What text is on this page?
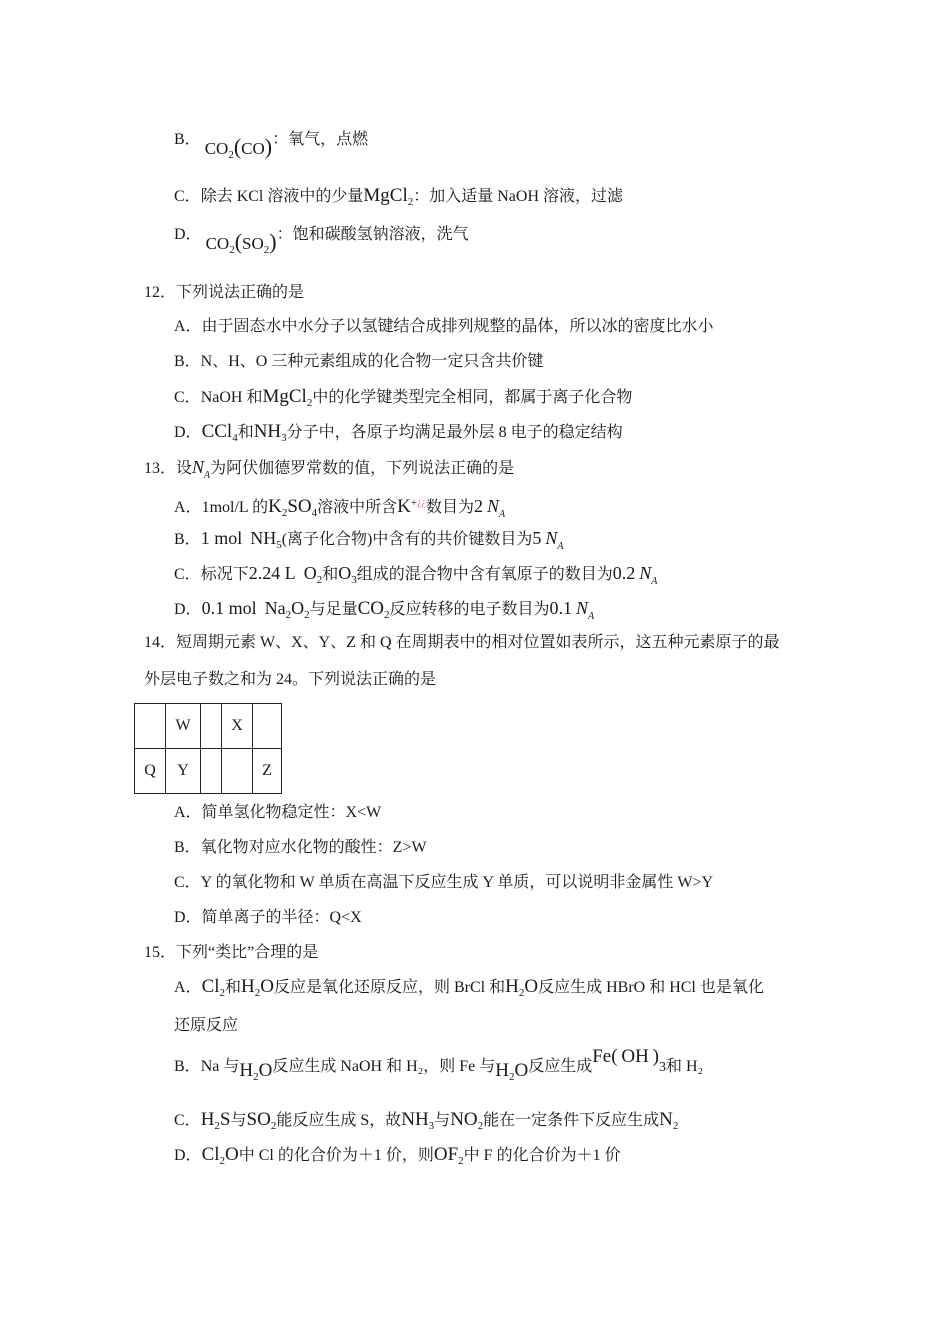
B． $CO_2(CO)$：氧气，点燃
C．除去 KCl 溶液中的少量MgCl$_2$：加入适量 NaOH 溶液，过滤
D． $CO_2(SO_2)$：饱和碳酸氢钠溶液，洗气
12．下列说法正确的是
A．由于固态水中水分子以氢键结合成排列规整的晶体，所以冰的密度比水小
B．N、H、O 三种元素组成的化合物一定只含共价键
C．NaOH 和MgCl$_2$中的化学键类型完全相同，都属于离子化合物
D．CCl$_4$和$NH_3$分子中，各原子均满足最外层 8 电子的稳定结构
13．设$N_A$为阿伏伽德罗常数的值，下列说法正确的是
A．1mol/L 的$K_2SO_4$溶液中所含K+¿¿数目为2 $N_A$
B．1 mol $NH_5$(离子化合物)中含有的共价键数目为5 $N_A$
C．标况下2.24 L $O_2$和$O_3$组成的混合物中含有氧原子的数目为0.2 $N_A$
D．0.1 mol $Na_2O_2$与足量$CO_2$反应转移的电子数目为0.1 $N_A$
14．短周期元素 W、X、Y、Z 和 Q 在周期表中的相对位置如表所示，这五种元素原子的最
外层电子数之和为 24。下列说法正确的是
	W		X	
Q	Y			Z
A．简单氢化物稳定性：X<W
B．氧化物对应水化物的酸性：Z>W
C．Y 的氧化物和 W 单质在高温下反应生成 Y 单质，可以说明非金属性 W>Y
D．简单离子的半径：Q<X
15．下列“类比”合理的是
A．$Cl_2$和$H_2O$反应是氧化还原反应，则 BrCl 和$H_2O$反应生成 HBrO 和 HCl 也是氧化
还原反应
B．Na 与$H_2O$反应生成 NaOH 和 H₂，则 Fe 与$H_2O$反应生成Fe( OH )3和 H₂
C．$H_2S$与$SO_2$能反应生成 S，故$NH_3$与$NO_2$能在一定条件下反应生成$N_2$
D．$Cl_2O$中 Cl 的化合价为＋1 价，则$OF_2$中 F 的化合价为＋1 价
